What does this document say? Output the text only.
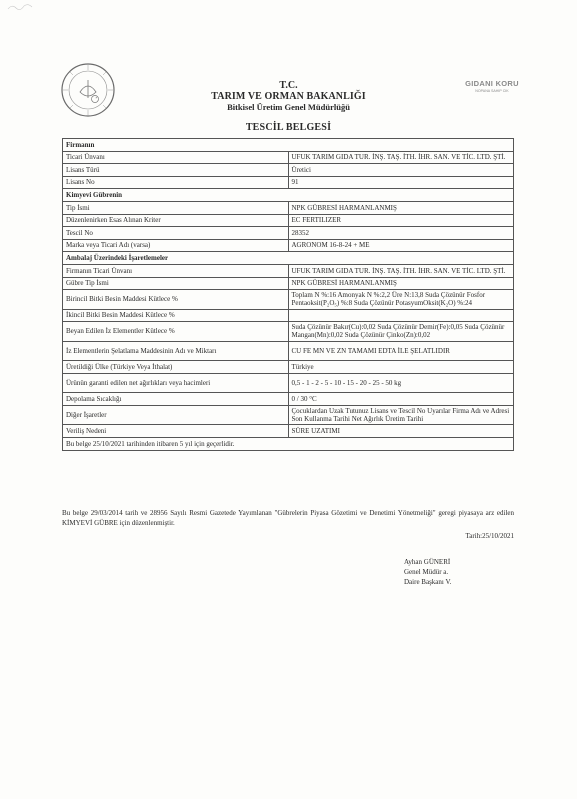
T.C.
TARIM VE ORMAN BAKANLIĞI
Bitkisel Üretim Genel Müdürlüğü
TESCİL BELGESİ
GIDANI KORU
NOPANA SAHIP CIK
Firmanın	
Ticari Ünvanı	UFUK TARIM GIDA TUR. İNŞ. TAŞ. İTH. İHR. SAN. VE TİC. LTD. ŞTİ.
Lisans Türü	Üretici
Lisans No	91
Kimyevi Gübrenin	
Tip İsmi	NPK GÜBRESİ HARMANLANMIŞ
Düzenlenirken Esas Alınan Kriter	EC FERTILIZER
Tescil No	28352
Marka veya Ticari Adı (varsa)	AGRONOM 16-8-24 + ME
Ambalaj Üzerindeki İşaretlemeler	
Firmanın Ticari Ünvanı	UFUK TARIM GIDA TUR. İNŞ. TAŞ. İTH. İHR. SAN. VE TİC. LTD. ŞTİ.
Gübre Tip İsmi	NPK GÜBRESİ HARMANLANMIŞ
Birincil Bitki Besin Maddesi Kütlece %	Toplam N %:16 Amonyak N %:2,2 Üre N:13,8 Suda Çözünür Fosfor Pentaoksit(P₂O₅) %:8 Suda Çözünür PotasyumOksit(K₂O) %:24
İkincil Bitki Besin Maddesi Kütlece %	
Beyan Edilen İz Elementler Kütlece %	Suda Çözünür Bakır(Cu):0,02 Suda Çözünür Demir(Fe):0,05 Suda Çözünür Mangan(Mn):0,02 Suda Çözünür Çinko(Zn):0,02
İz Elementlerin Şelatlama Maddesinin Adı ve Miktarı	CU FE MN VE ZN TAMAMI EDTA İLE ŞELATLIDIR
Üretildiği Ülke (Türkiye Veya İthalat)	Türkiye
Ürünün garanti edilen net ağırlıkları veya hacimleri	0,5 - 1 - 2 - 5 - 10 - 15 - 20 - 25 - 50 kg
Depolama Sıcaklığı	0 / 30 °C
Diğer İşaretler	Çocuklardan Uzak Tutunuz Lisans ve Tescil No Uyarılar Firma Adı ve Adresi Son Kullanma Tarihi Net Ağırlık Üretim Tarihi
Veriliş Nedeni	SÜRE UZATIMI
Bu belge 25/10/2021 tarihinden itibaren 5 yıl için geçerlidir.	
Bu belge 29/03/2014 tarih ve 28956 Sayılı Resmi Gazetede Yayımlanan "Gübrelerin Piyasa Gözetimi ve Denetimi Yönetmeliği" geregi piyasaya arz edilen KİMYEVİ GÜBRE için düzenlenmiştir.
Tarih:25/10/2021
Ayhan GÜNERİ
Genel Müdür a.
Daire Başkanı V.
